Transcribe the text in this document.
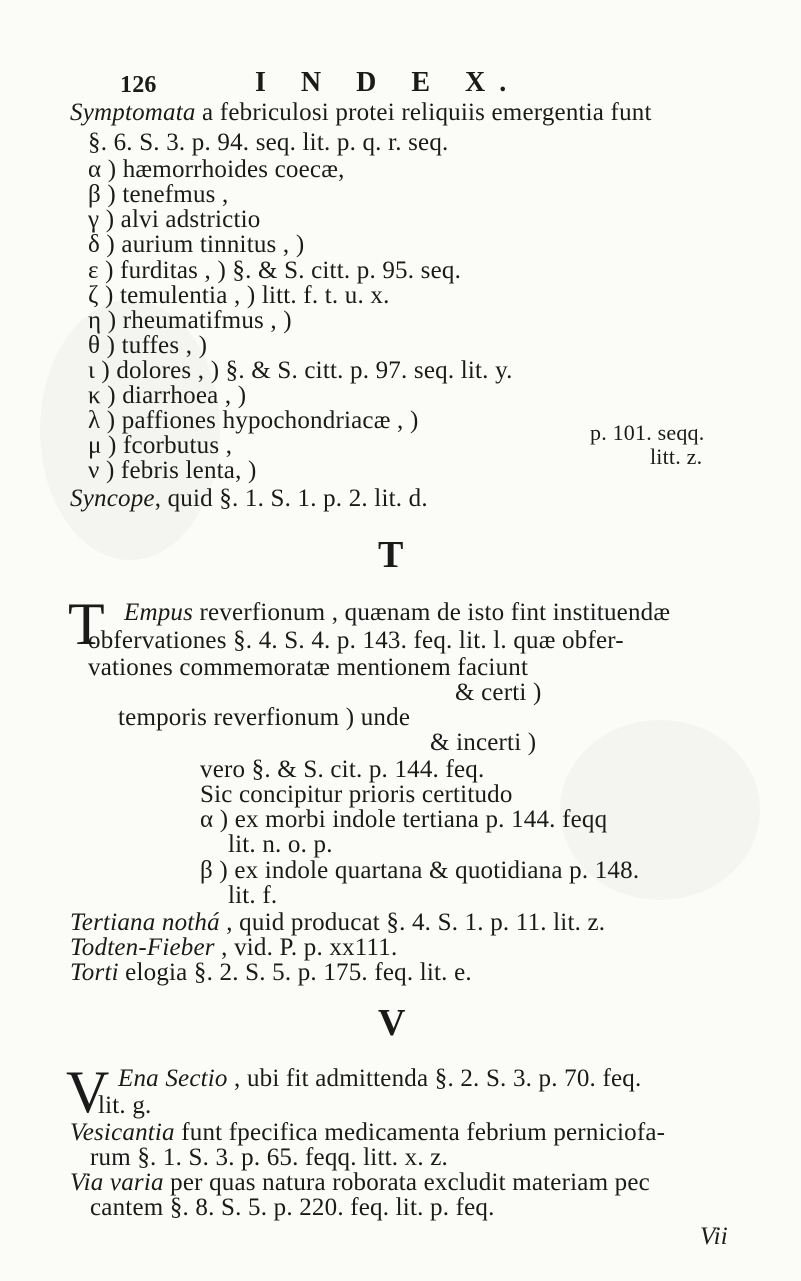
126	I N D E X.
Symptomata a febriculosi protei reliquiis emergentia funt
§. 6. S. 3. p. 94. seq. lit. p. q. r. seq.
α ) hæmorrhoides coecæ,
β ) tenefmus ,
γ ) alvi adstrictio
δ ) aurium tinnitus , )
ε ) furditas , ) §. & S. citt. p. 95. seq.
ζ ) temulentia , ) litt. f. t. u. x.
η ) rheumatifmus , )
θ ) tuffes , )
ι ) dolores , ) §. & S. citt. p. 97. seq. lit. y.
κ ) diarrhoea , )
λ ) paffiones hypochondriacæ , )
μ ) fcorbutus ,
ν ) febris lenta, )
p. 101. seqq.
litt. z.
Syncope, quid §. 1. S. 1. p. 2. lit. d.
T
T Empus reverfionum , quænam de isto fint instituendæ
obfervationes §. 4. S. 4. p. 143. feq. lit. l. quæ obfer-
vationes commemoratæ mentionem faciunt
& certi )
temporis reverfionum ) unde
& incerti )
vero §. & S. cit. p. 144. feq.
Sic concipitur prioris certitudo
α ) ex morbi indole tertiana p. 144. feqq
lit. n. o. p.
β ) ex indole quartana & quotidiana p. 148.
lit. f.
Tertiana nothá , quid producat §. 4. S. 1. p. 11. lit. z.
Todten-Fieber , vid. P. p. xx111.
Torti elogia §. 2. S. 5. p. 175. feq. lit. e.
V
V Ena Sectio , ubi fit admittenda §. 2. S. 3. p. 70. feq.
lit. g.
Vesicantia funt fpecifica medicamenta febrium perniciofa-
rum §. 1. S. 3. p. 65. feqq. litt. x. z.
Via varia per quas natura roborata excludit materiam pec
cantem §. 8. S. 5. p. 220. feq. lit. p. feq.
Vii
